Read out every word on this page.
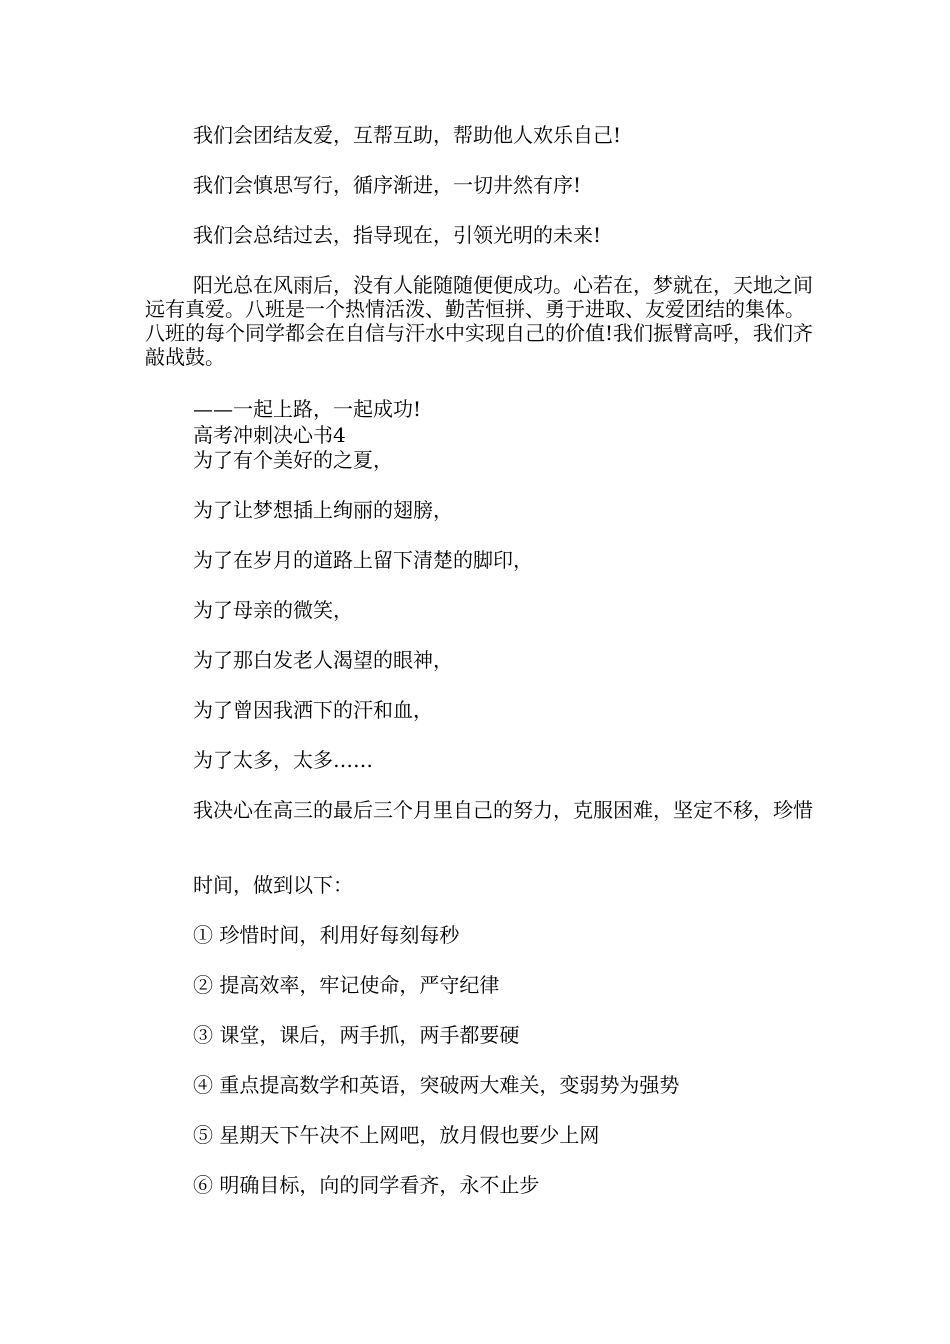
我们会团结友爱，互帮互助，帮助他人欢乐自己!
我们会慎思写行，循序渐进，一切井然有序!
我们会总结过去，指导现在，引领光明的未来!
阳光总在风雨后，没有人能随随便便成功。心若在，梦就在，天地之间远有真爱。八班是一个热情活泼、勤苦恒拼、勇于进取、友爱团结的集体。八班的每个同学都会在自信与汗水中实现自己的价值!我们振臂高呼，我们齐敲战鼓。
——一起上路，一起成功!
高考冲刺决心书4
为了有个美好的之夏，
为了让梦想插上绚丽的翅膀，
为了在岁月的道路上留下清楚的脚印，
为了母亲的微笑，
为了那白发老人渴望的眼神，
为了曾因我洒下的汗和血，
为了太多，太多……
我决心在高三的最后三个月里自己的努力，克服困难，坚定不移，珍惜
时间，做到以下：
① 珍惜时间，利用好每刻每秒
② 提高效率，牢记使命，严守纪律
③ 课堂，课后，两手抓，两手都要硬
④ 重点提高数学和英语，突破两大难关，变弱势为强势
⑤ 星期天下午决不上网吧，放月假也要少上网
⑥ 明确目标，向的同学看齐，永不止步
